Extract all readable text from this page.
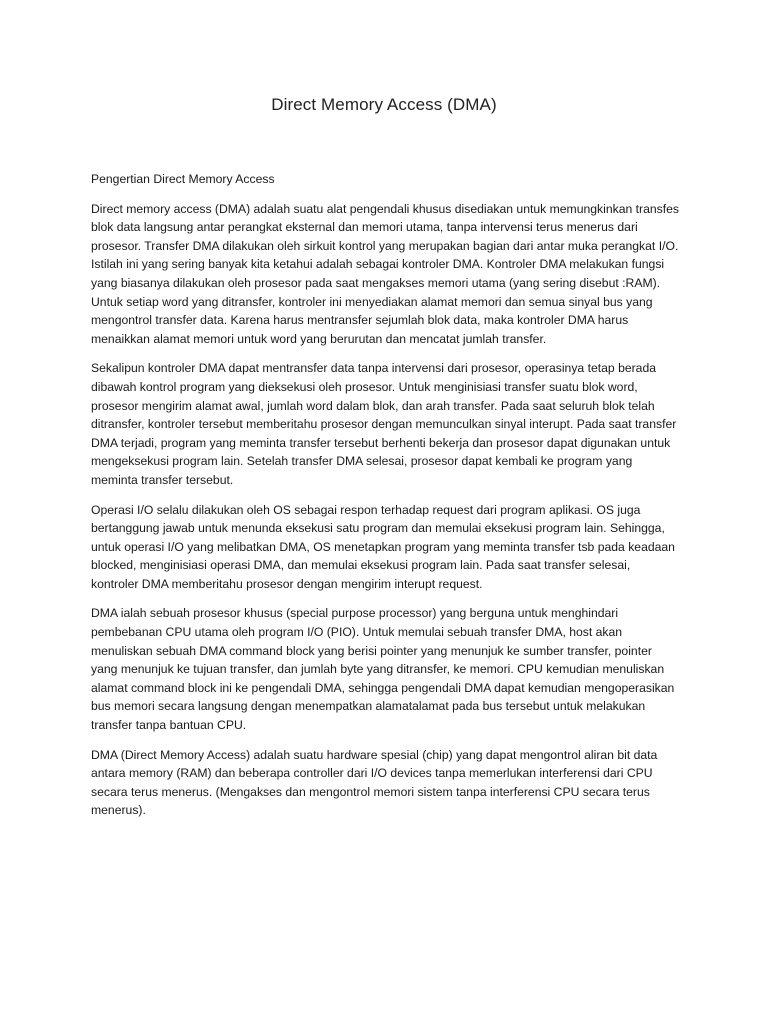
Direct Memory Access (DMA)

Pengertian Direct Memory Access

Direct memory access (DMA) adalah suatu alat pengendali khusus disediakan untuk memungkinkan transfes blok data langsung antar perangkat eksternal dan memori utama, tanpa intervensi terus menerus dari prosesor. Transfer DMA dilakukan oleh sirkuit kontrol yang merupakan bagian dari antar muka perangkat I/O. Istilah ini yang sering banyak kita ketahui adalah sebagai kontroler DMA. Kontroler DMA melakukan fungsi yang biasanya dilakukan oleh prosesor pada saat mengakses memori utama (yang sering disebut :RAM). Untuk setiap word yang ditransfer, kontroler ini menyediakan alamat memori dan semua sinyal bus yang mengontrol transfer data. Karena harus mentransfer sejumlah blok data, maka kontroler DMA harus menaikkan alamat memori untuk word yang berurutan dan mencatat jumlah transfer.

Sekalipun kontroler DMA dapat mentransfer data tanpa intervensi dari prosesor, operasinya tetap berada dibawah kontrol program yang dieksekusi oleh prosesor. Untuk menginisiasi transfer suatu blok word, prosesor mengirim alamat awal, jumlah word dalam blok, dan arah transfer. Pada saat seluruh blok telah ditransfer, kontroler tersebut memberitahu prosesor dengan memunculkan sinyal interupt. Pada saat transfer DMA terjadi, program yang meminta transfer tersebut berhenti bekerja dan prosesor dapat digunakan untuk mengeksekusi program lain. Setelah transfer DMA selesai, prosesor dapat kembali ke program yang meminta transfer tersebut.

Operasi I/O selalu dilakukan oleh OS sebagai respon terhadap request dari program aplikasi. OS juga bertanggung jawab untuk menunda eksekusi satu program dan memulai eksekusi program lain. Sehingga, untuk operasi I/O yang melibatkan DMA, OS menetapkan program yang meminta transfer tsb pada keadaan blocked, menginisiasi operasi DMA, dan memulai eksekusi program lain. Pada saat transfer selesai, kontroler DMA memberitahu prosesor dengan mengirim interupt request.

DMA ialah sebuah prosesor khusus (special purpose processor) yang berguna untuk menghindari pembebanan CPU utama oleh program I/O (PIO). Untuk memulai sebuah transfer DMA, host akan menuliskan sebuah DMA command block yang berisi pointer yang menunjuk ke sumber transfer, pointer yang menunjuk ke tujuan transfer, dan jumlah byte yang ditransfer, ke memori. CPU kemudian menuliskan alamat command block ini ke pengendali DMA, sehingga pengendali DMA dapat kemudian mengoperasikan bus memori secara langsung dengan menempatkan alamatalamat pada bus tersebut untuk melakukan transfer tanpa bantuan CPU.

DMA (Direct Memory Access) adalah suatu hardware spesial (chip) yang dapat mengontrol aliran bit data antara memory (RAM) dan beberapa controller dari I/O devices tanpa memerlukan interferensi dari CPU secara terus menerus. (Mengakses dan mengontrol memori sistem tanpa interferensi CPU secara terus menerus).
